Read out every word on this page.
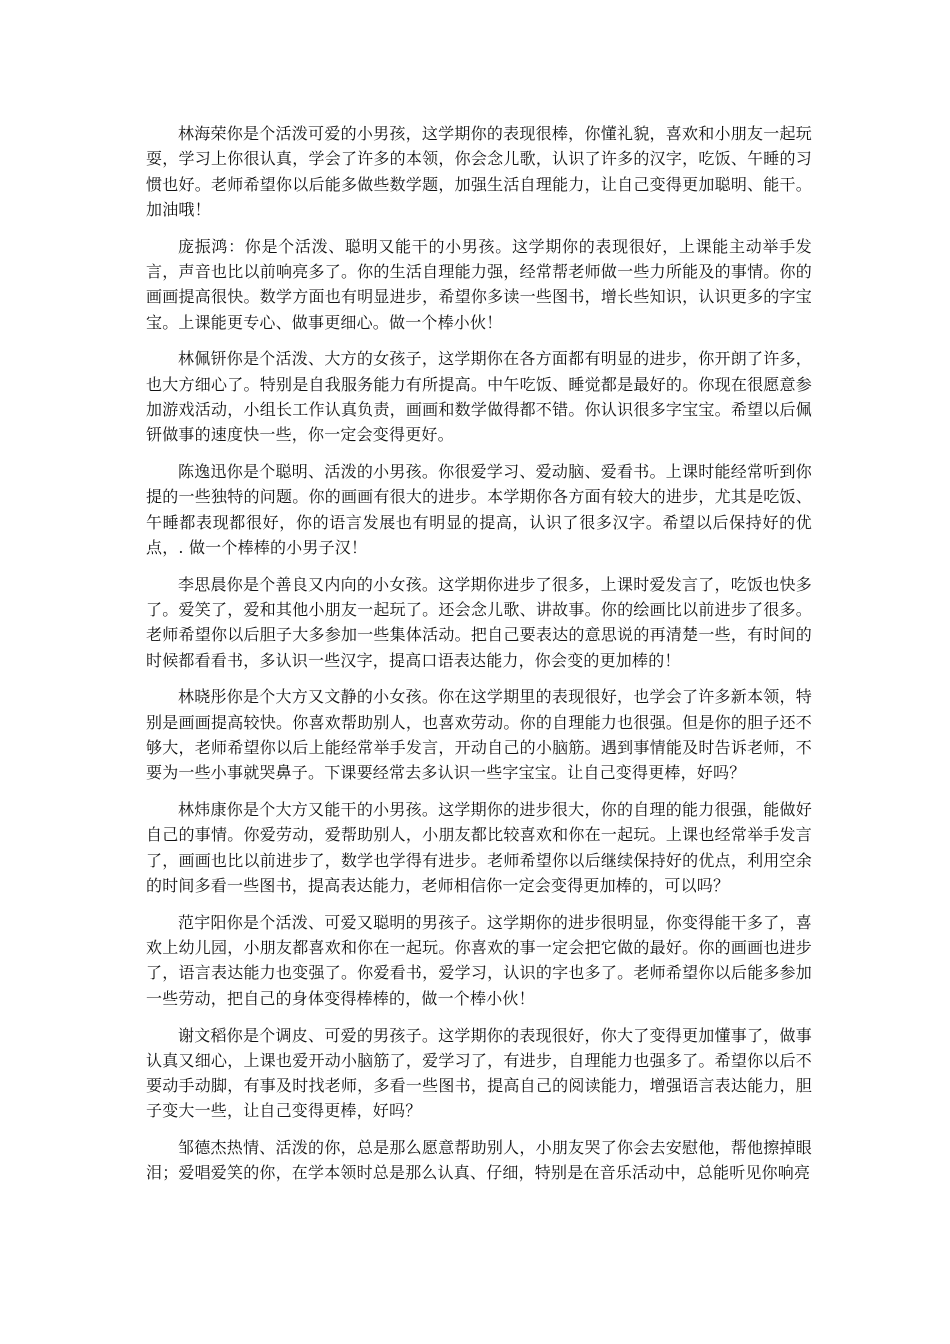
林海荣你是个活泼可爱的小男孩，这学期你的表现很棒，你懂礼貌，喜欢和小朋友一起玩耍，学习上你很认真，学会了许多的本领，你会念儿歌，认识了许多的汉字，吃饭、午睡的习惯也好。老师希望你以后能多做些数学题，加强生活自理能力，让自己变得更加聪明、能干。加油哦！

庞振鸿：你是个活泼、聪明又能干的小男孩。这学期你的表现很好，上课能主动举手发言，声音也比以前响亮多了。你的生活自理能力强，经常帮老师做一些力所能及的事情。你的画画提高很快。数学方面也有明显进步，希望你多读一些图书，增长些知识，认识更多的字宝宝。上课能更专心、做事更细心。做一个棒小伙！

林佩钘你是个活泼、大方的女孩子，这学期你在各方面都有明显的进步，你开朗了许多，也大方细心了。特别是自我服务能力有所提高。中午吃饭、睡觉都是最好的。你现在很愿意参加游戏活动，小组长工作认真负责，画画和数学做得都不错。你认识很多字宝宝。希望以后佩钘做事的速度快一些，你一定会变得更好。

陈逸迅你是个聪明、活泼的小男孩。你很爱学习、爱动脑、爱看书。上课时能经常听到你提的一些独特的问题。你的画画有很大的进步。本学期你各方面有较大的进步，尤其是吃饭、午睡都表现都很好，你的语言发展也有明显的提高，认识了很多汉字。希望以后保持好的优点，. 做一个棒棒的小男子汉！

李思晨你是个善良又内向的小女孩。这学期你进步了很多，上课时爱发言了，吃饭也快多了。爱笑了，爱和其他小朋友一起玩了。还会念儿歌、讲故事。你的绘画比以前进步了很多。老师希望你以后胆子大多参加一些集体活动。把自己要表达的意思说的再清楚一些，有时间的时候都看看书，多认识一些汉字，提高口语表达能力，你会变的更加棒的！

林晓彤你是个大方又文静的小女孩。你在这学期里的表现很好，也学会了许多新本领，特别是画画提高较快。你喜欢帮助别人，也喜欢劳动。你的自理能力也很强。但是你的胆子还不够大，老师希望你以后上能经常举手发言，开动自己的小脑筋。遇到事情能及时告诉老师，不要为一些小事就哭鼻子。下课要经常去多认识一些字宝宝。让自己变得更棒，好吗？

林炜康你是个大方又能干的小男孩。这学期你的进步很大，你的自理的能力很强，能做好自己的事情。你爱劳动，爱帮助别人，小朋友都比较喜欢和你在一起玩。上课也经常举手发言了，画画也比以前进步了，数学也学得有进步。老师希望你以后继续保持好的优点，利用空余的时间多看一些图书，提高表达能力，老师相信你一定会变得更加棒的，可以吗？

范宇阳你是个活泼、可爱又聪明的男孩子。这学期你的进步很明显，你变得能干多了，喜欢上幼儿园，小朋友都喜欢和你在一起玩。你喜欢的事一定会把它做的最好。你的画画也进步了，语言表达能力也变强了。你爱看书，爱学习，认识的字也多了。老师希望你以后能多参加一些劳动，把自己的身体变得棒棒的，做一个棒小伙！

谢文稻你是个调皮、可爱的男孩子。这学期你的表现很好，你大了变得更加懂事了，做事认真又细心，上课也爱开动小脑筋了，爱学习了，有进步，自理能力也强多了。希望你以后不要动手动脚，有事及时找老师，多看一些图书，提高自己的阅读能力，增强语言表达能力，胆子变大一些，让自己变得更棒，好吗？

邹德杰热情、活泼的你，总是那么愿意帮助别人，小朋友哭了你会去安慰他，帮他擦掉眼泪；爱唱爱笑的你，在学本领时总是那么认真、仔细，特别是在音乐活动中，总能听见你响亮
